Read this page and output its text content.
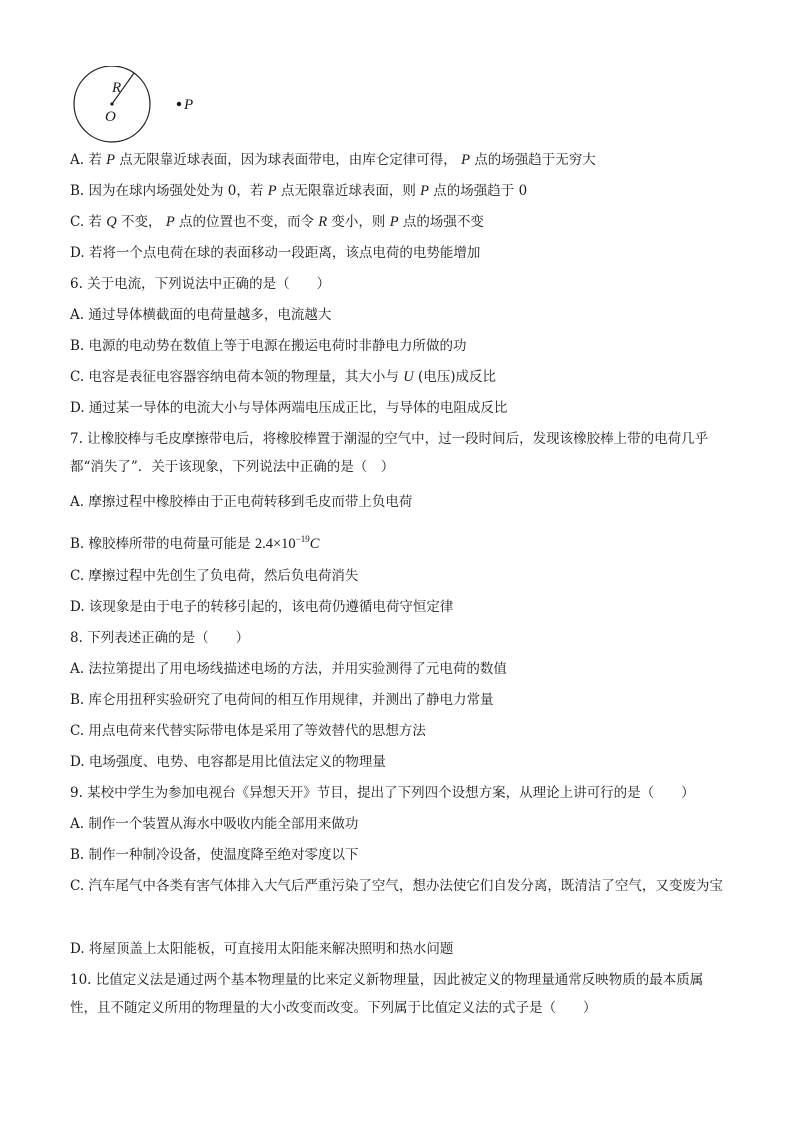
R
O
P
A. 若 P 点无限靠近球表面，因为球表面带电，由库仑定律可得， P 点的场强趋于无穷大
B. 因为在球内场强处处为 0，若 P 点无限靠近球表面，则 P 点的场强趋于 0
C. 若 Q 不变， P 点的位置也不变，而令 R 变小，则 P 点的场强不变
D. 若将一个点电荷在球的表面移动一段距离，该点电荷的电势能增加
6. 关于电流，下列说法中正确的是（　　）
A. 通过导体横截面的电荷量越多，电流越大
B. 电源的电动势在数值上等于电源在搬运电荷时非静电力所做的功
C. 电容是表征电容器容纳电荷本领的物理量，其大小与 U (电压)成反比
D. 通过某一导体的电流大小与导体两端电压成正比，与导体的电阻成反比
7. 让橡胶棒与毛皮摩擦带电后，将橡胶棒置于潮湿的空气中，过一段时间后，发现该橡胶棒上带的电荷几乎都“消失了”．关于该现象，下列说法中正确的是（　）
A. 摩擦过程中橡胶棒由于正电荷转移到毛皮而带上负电荷
B. 橡胶棒所带的电荷量可能是 $2.4\times 10^{-19}C$
C. 摩擦过程中先创生了负电荷，然后负电荷消失
D. 该现象是由于电子的转移引起的，该电荷仍遵循电荷守恒定律
8. 下列表述正确的是（　　）
A. 法拉第提出了用电场线描述电场的方法，并用实验测得了元电荷的数值
B. 库仑用扭秤实验研究了电荷间的相互作用规律，并测出了静电力常量
C. 用点电荷来代替实际带电体是采用了等效替代的思想方法
D. 电场强度、电势、电容都是用比值法定义的物理量
9. 某校中学生为参加电视台《异想天开》节目，提出了下列四个设想方案，从理论上讲可行的是（　　）
A. 制作一个装置从海水中吸收内能全部用来做功
B. 制作一种制冷设备，使温度降至绝对零度以下
C. 汽车尾气中各类有害气体排入大气后严重污染了空气，想办法使它们自发分离，既清洁了空气，又变废为宝
D. 将屋顶盖上太阳能板，可直接用太阳能来解决照明和热水问题
10. 比值定义法是通过两个基本物理量的比来定义新物理量，因此被定义的物理量通常反映物质的最本质属性，且不随定义所用的物理量的大小改变而改变。下列属于比值定义法的式子是（　　）
